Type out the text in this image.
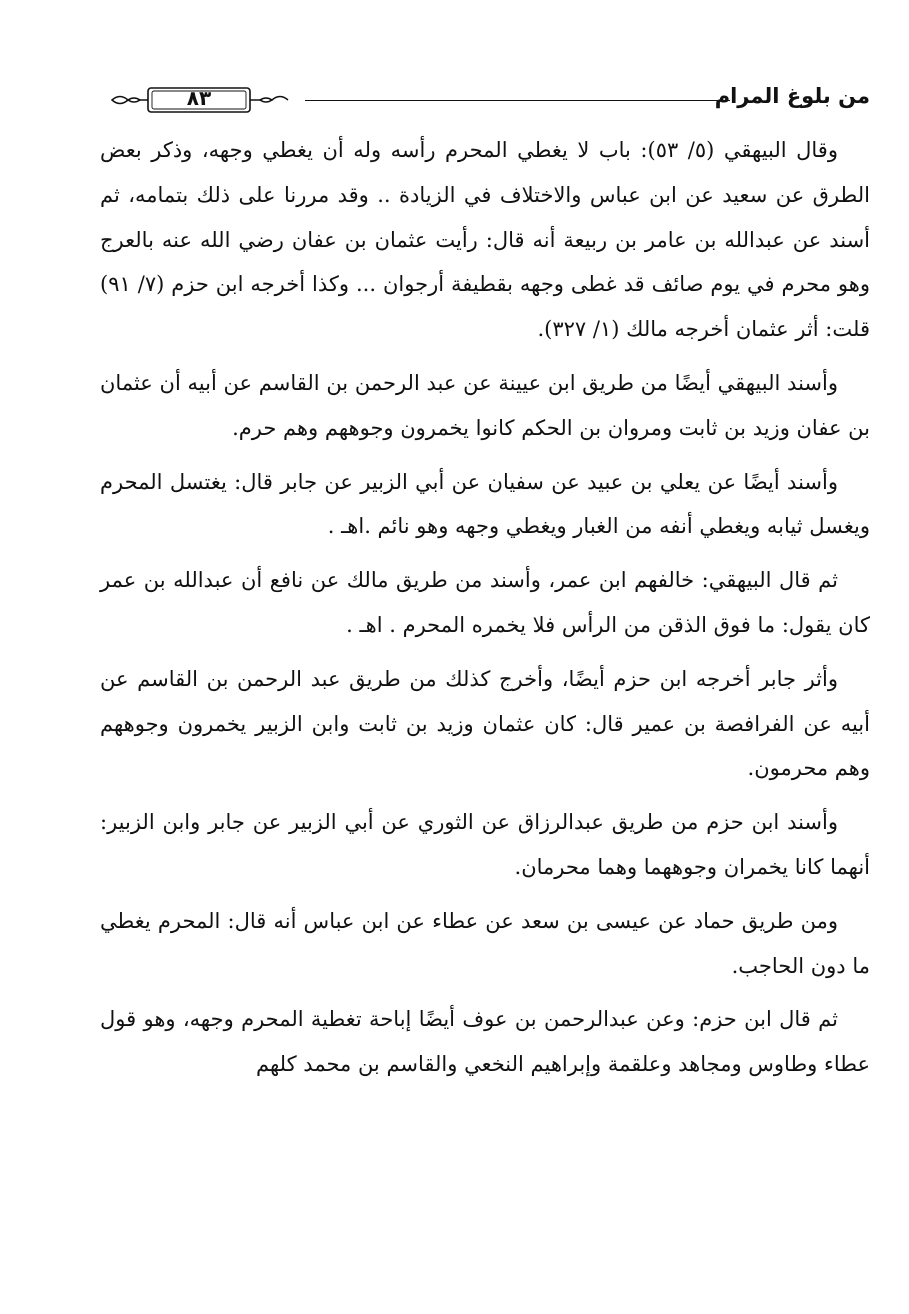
من بلوغ المرام
٨٣

وقال البيهقي (٥/ ٥٣): باب لا يغطي المحرم رأسه وله أن يغطي وجهه، وذكر بعض الطرق عن سعيد عن ابن عباس والاختلاف في الزيادة .. وقد مررنا على ذلك بتمامه، ثم أسند عن عبدالله بن عامر بن ربيعة أنه قال: رأيت عثمان بن عفان رضي الله عنه بالعرج وهو محرم في يوم صائف قد غطى وجهه بقطيفة أرجوان ... وكذا أخرجه ابن حزم (٧/ ٩١) قلت: أثر عثمان أخرجه مالك (١/ ٣٢٧).

وأسند البيهقي أيضًا من طريق ابن عيينة عن عبد الرحمن بن القاسم عن أبيه أن عثمان بن عفان وزيد بن ثابت ومروان بن الحكم كانوا يخمرون وجوههم وهم حرم.

وأسند أيضًا عن يعلي بن عبيد عن سفيان عن أبي الزبير عن جابر قال: يغتسل المحرم ويغسل ثيابه ويغطي أنفه من الغبار ويغطي وجهه وهو نائم .اهـ .

ثم قال البيهقي: خالفهم ابن عمر، وأسند من طريق مالك عن نافع أن عبدالله بن عمر كان يقول: ما فوق الذقن من الرأس فلا يخمره المحرم . اهـ .

وأثر جابر أخرجه ابن حزم أيضًا، وأخرج كذلك من طريق عبد الرحمن بن القاسم عن أبيه عن الفرافصة بن عمير قال: كان عثمان وزيد بن ثابت وابن الزبير يخمرون وجوههم وهم محرمون.

وأسند ابن حزم من طريق عبدالرزاق عن الثوري عن أبي الزبير عن جابر وابن الزبير: أنهما كانا يخمران وجوههما وهما محرمان.

ومن طريق حماد عن عيسى بن سعد عن عطاء عن ابن عباس أنه قال: المحرم يغطي ما دون الحاجب.

ثم قال ابن حزم: وعن عبدالرحمن بن عوف أيضًا إباحة تغطية المحرم وجهه، وهو قول عطاء وطاوس ومجاهد وعلقمة وإبراهيم النخعي والقاسم بن محمد كلهم
